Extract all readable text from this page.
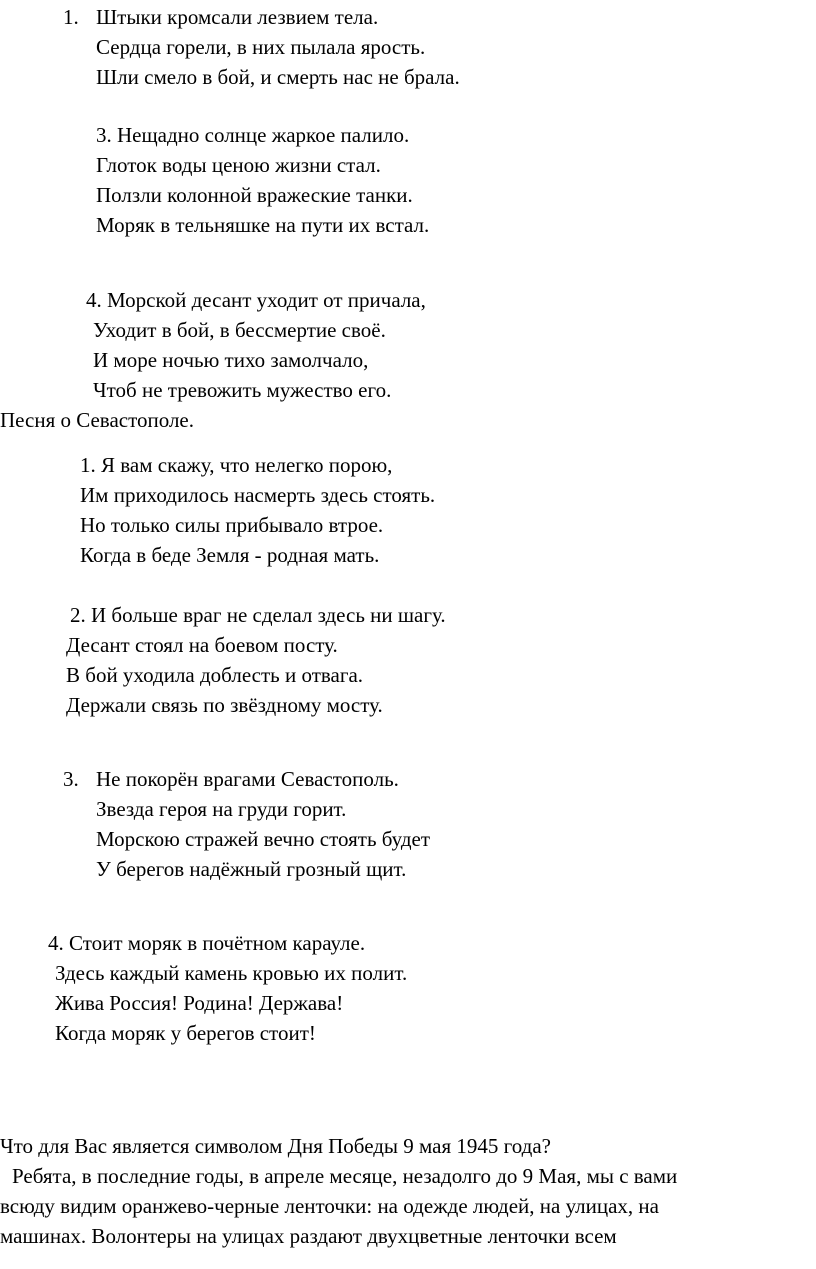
1. Штыки кромсали лезвием тела.
Сердца горели, в них пылала ярость.
Шли смело в бой, и смерть нас не брала.
3. Нещадно солнце жаркое палило.
Глоток воды ценою жизни стал.
Ползли колонной вражеские танки.
Моряк в тельняшке на пути их встал.
4. Морской десант уходит от причала,
Уходит в бой, в бессмертие своё.
И море ночью тихо замолчало,
Чтоб не тревожить мужество его.
Песня о Севастополе.
1. Я вам скажу, что нелегко порою,
Им приходилось насмерть здесь стоять.
Но только силы прибывало втрое.
Когда в беде Земля - родная мать.
2. И больше враг не сделал здесь ни шагу.
Десант стоял на боевом посту.
В бой уходила доблесть и отвага.
Держали связь по звёздному мосту.
3. Не покорён врагами Севастополь.
Звезда героя на груди горит.
Морскою стражей вечно стоять будет
У берегов надёжный грозный щит.
4. Стоит моряк в почётном карауле.
Здесь каждый камень кровью их полит.
Жива Россия! Родина! Держава!
Когда моряк у берегов стоит!
Что для Вас является символом Дня Победы 9 мая 1945 года?
Ребята, в последние годы, в апреле месяце, незадолго до 9 Мая, мы с вами
всюду видим оранжево-черные ленточки: на одежде людей, на улицах, на
машинах. Волонтеры на улицах раздают двухцветные ленточки всем
